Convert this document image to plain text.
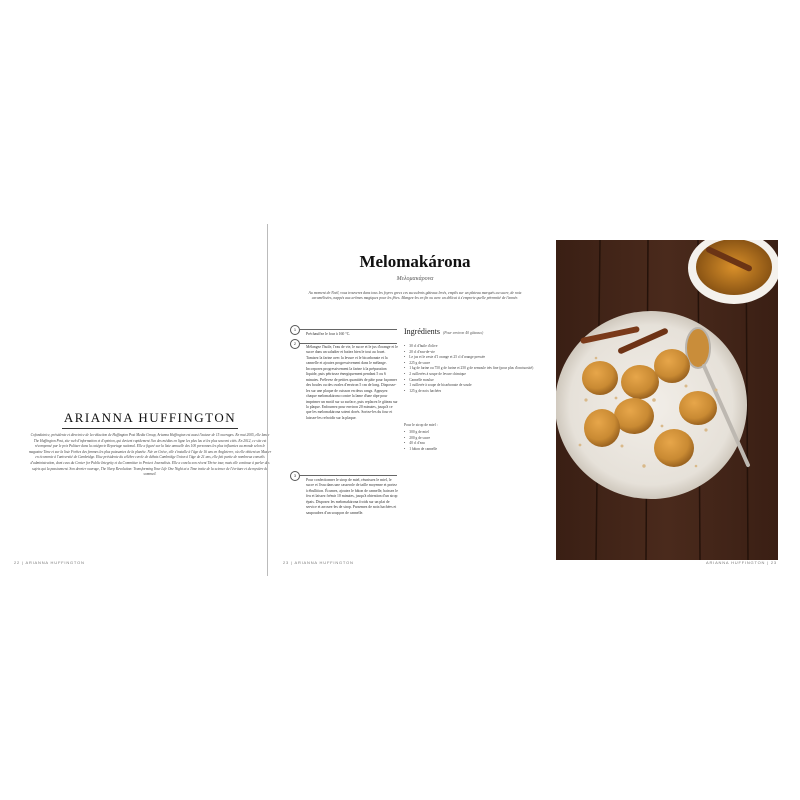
ARIANNA HUFFINGTON
Cofondatrice, présidente et directrice de la rédaction de Huffington Post Media Group, Arianna Huffington est aussi l'auteur de 15 ouvrages. En mai 2005, elle lance The Huffington Post, site web d'information et d'opinion, qui devient rapidement l'un des médias en ligne les plus lus et les plus souvent cités. En 2012, ce site est récompensé par le prix Pulitzer dans la catégorie Reportage national. Elle a figuré sur la liste annuelle des 100 personnes les plus influentes au monde selon le magazine Time et sur la liste Forbes des femmes les plus puissantes de la planète. Née en Grèce, elle s'installe à l'âge de 16 ans en Angleterre, où elle obtient un Master en économie à l'université de Cambridge. Elue présidente du célèbre cercle de débats Cambridge Union à l'âge de 21 ans, elle fait partie de nombreux conseils d'administration, dont ceux du Center for Public Integrity et du Committee to Protect Journalists. Elle a conclu son récent Thrive tour, mais elle continue à parler des sujets qui la passionnent. Son dernier ouvrage, The Sleep Revolution: Transforming Your Life One Night at a Time traite de la science de l'écriture et du mystère du sommeil.
22 | ARIANNA HUFFINGTON
Melomakárona
Μελομακάρονα
Au moment de Noël, vous trouverez dans tous les foyers grecs ces succulents gâteaux levés, emplis sur un plateau marqués au sucre, de noix caramélisées, nappés aux arômes magiques pour les fêtes. Mangez-les en fin ou avec un délicat à s'emporte quelle pérennité de l'année.
1
Préchauffez le four à 160 °C.
2
Mélangez l'huile, l'eau de vie, le sucre et le jus d'orange et le sucre dans un saladier et battez bien le tout au fouet. Tamisez la farine avec la levure et le bicarbonate et la cannelle et ajoutez progressivement dans le mélange. Incorporez progressivement la farine à la préparation liquide, puis pétrissez énergiquement pendant 5 ou 6 minutes. Prélevez de petites quantités de pâte pour façonner des boules ou des ovales d'environ 5 cm de long. Disposez-les sur une plaque de cuisson en deux rangs. Appuyez chaque melomakárono contre la lame d'une râpe pour imprimer un motif sur sa surface, puis replacez le gâteau sur la plaque. Enfournez pour environ 20 minutes, jusqu'à ce que les melomakárona soient dorés. Sortez-les du four et laissez-les refroidir sur la plaque.
3
Pour confectionner le sirop de miel, réunissez le miel, le sucre et l'eau dans une casserole de taille moyenne et portez à ébullition. Écumez, ajoutez le bâton de cannelle, baissez le feu et laissez frémir 10 minutes, jusqu'à obtention d'un sirop épais. Disposez les melomakárona froids sur un plat de service et arrosez-les de sirop. Parsemez de noix hachées et saupoudrez d'un soupçon de cannelle.
Ingrédients (Pour environ 40 gâteaux)
• 30 cl d'huile d'olive
• 20 cl d'eau-de-vie
• Le jus et le zeste d'1 orange et 25 cl d'orange pressée
• 225 g de sucre
• 1 kg de farine ou 750 g de farine et 250 g de semoule très fine (pour plus d'onctuosité)
• 2 cuillerées à soupe de levure chimique
• Cannelle moulue
• 1 cuillerée à soupe de bicarbonate de soude
• 125 g de noix hachées
Pour le sirop de miel :
• 300 g de miel
• 200 g de sucre
• 40 cl d'eau
• 1 bâton de cannelle
23 | ARIANNA HUFFINGTON	ARIANNA HUFFINGTON | 23
